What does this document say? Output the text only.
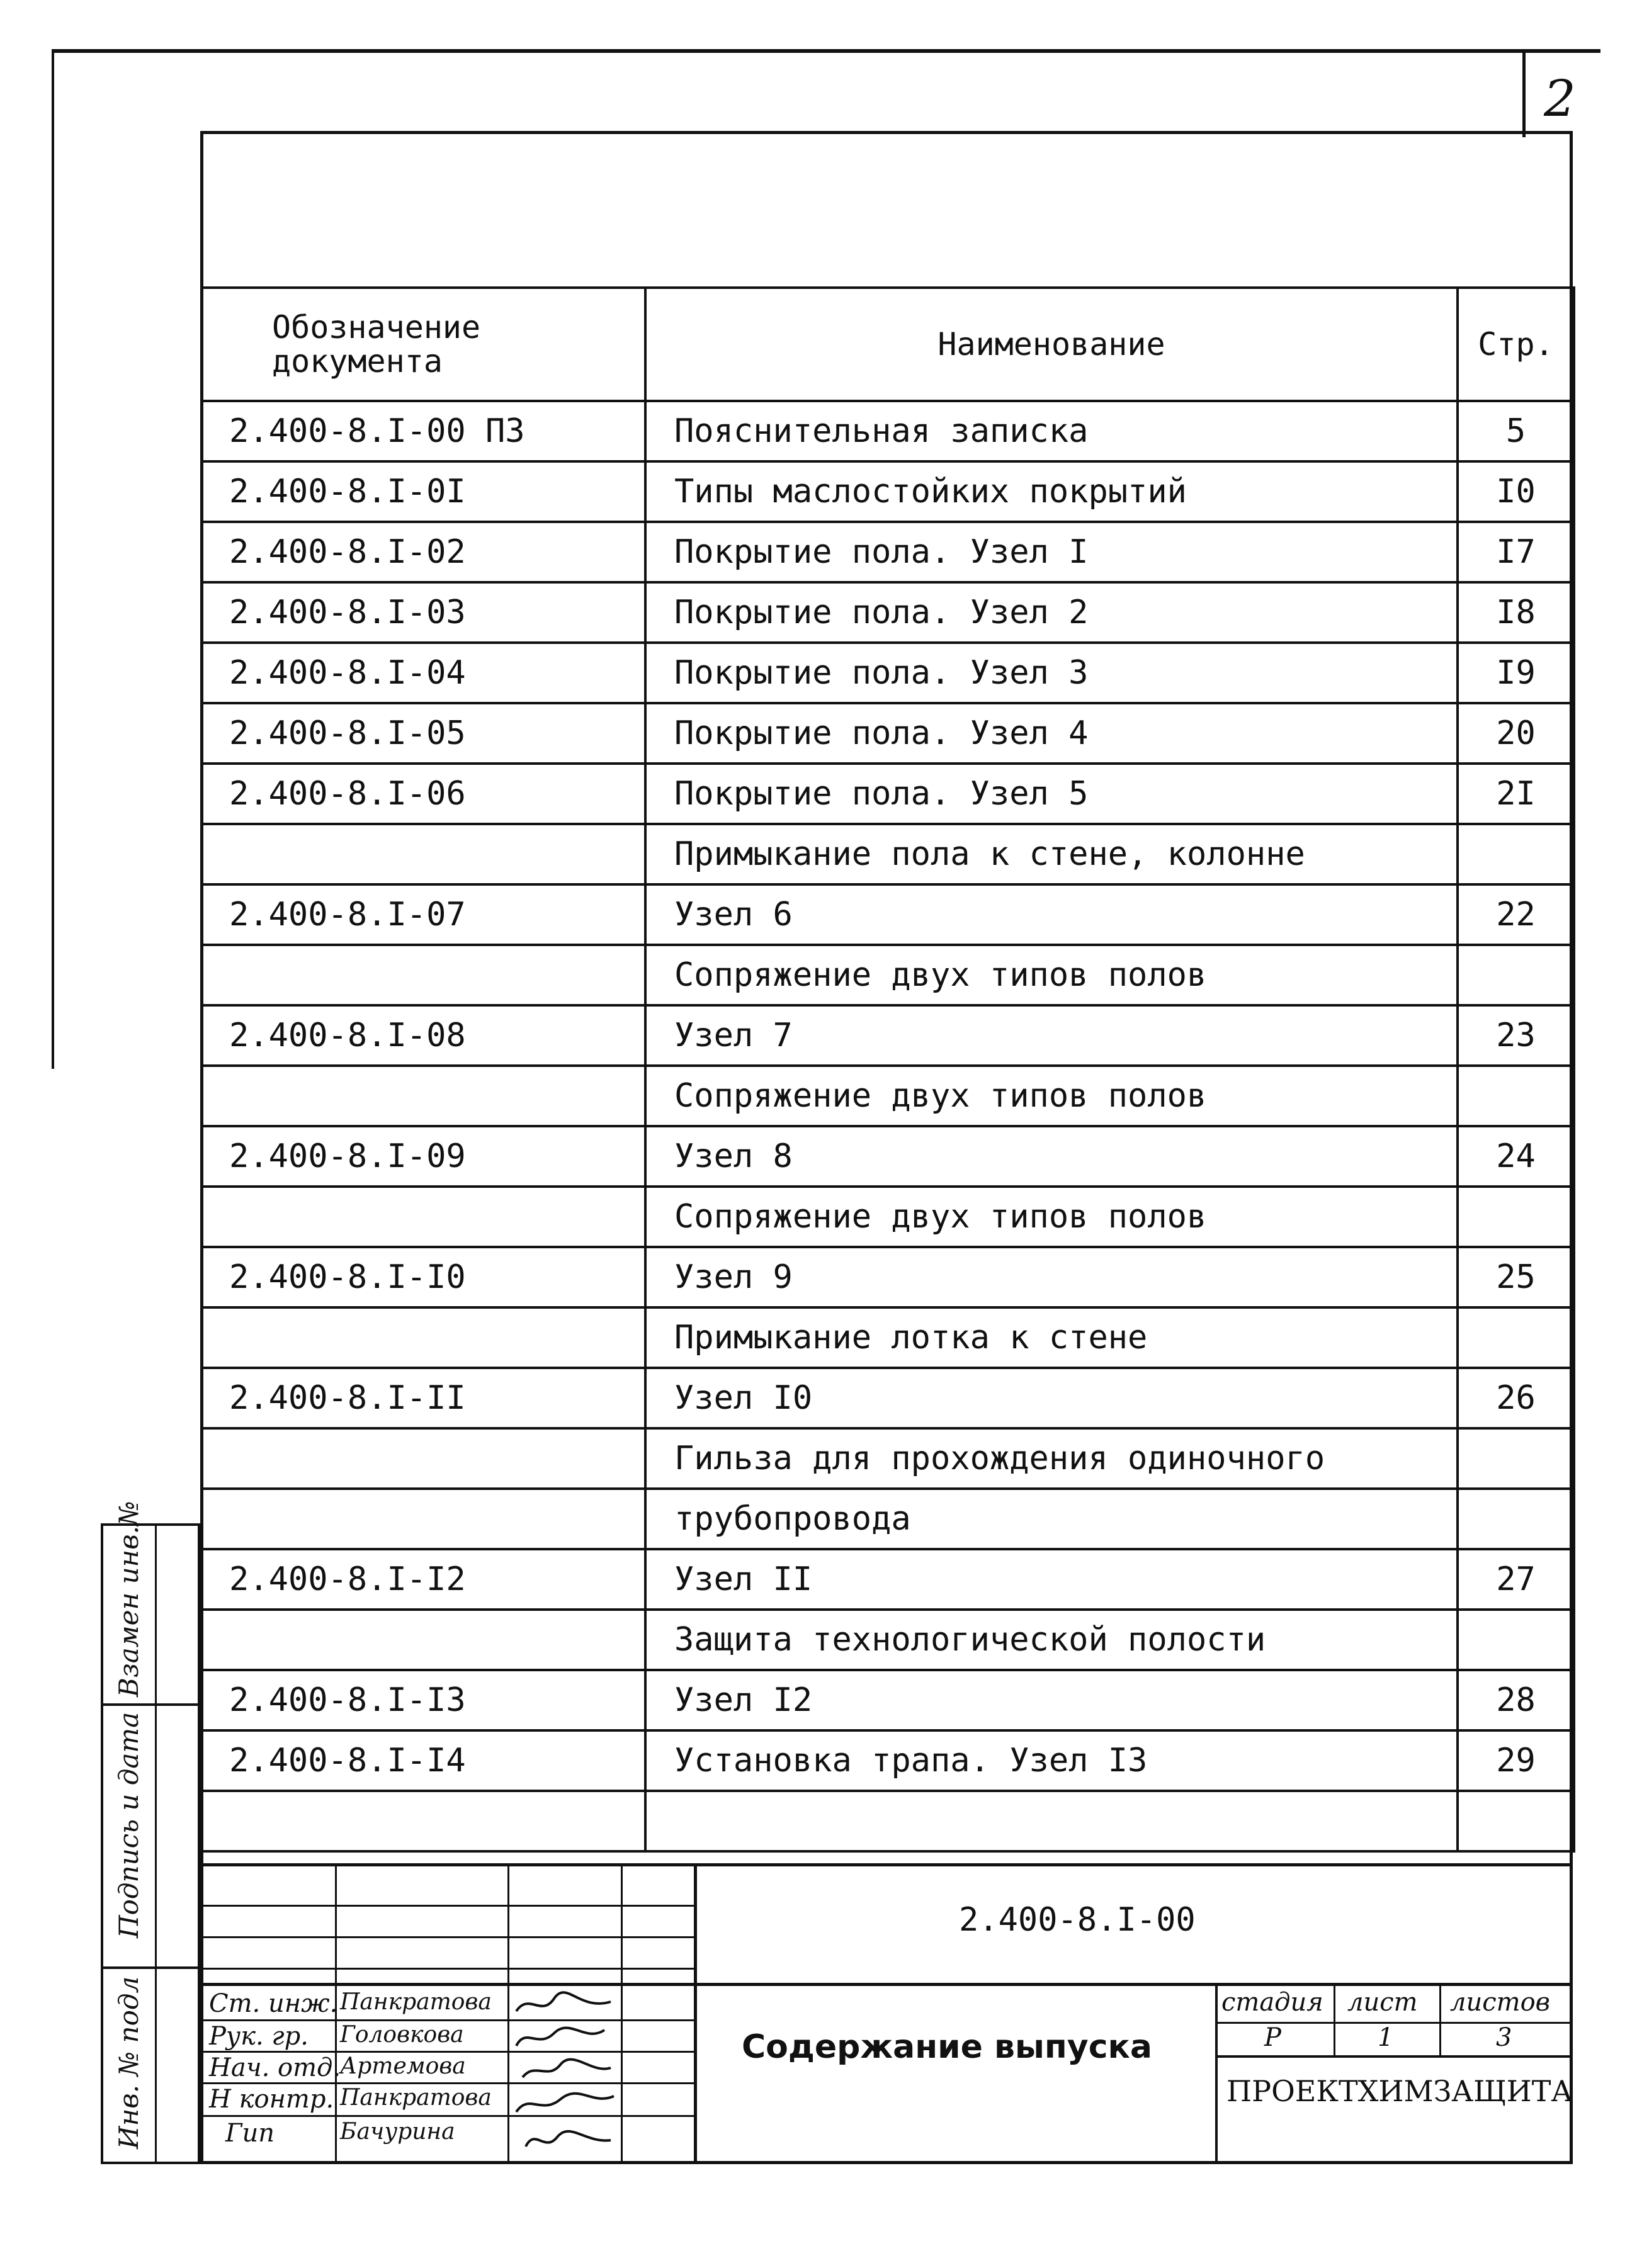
2
Обозначение документа	Наименование	Стр.
2.400-8.I-00 ПЗ	Пояснительная записка	5
2.400-8.I-0I	Типы маслостойких покрытий	I0
2.400-8.I-02	Покрытие пола. Узел I	I7
2.400-8.I-03	Покрытие пола. Узел 2	I8
2.400-8.I-04	Покрытие пола. Узел 3	I9
2.400-8.I-05	Покрытие пола. Узел 4	20
2.400-8.I-06	Покрытие пола. Узел 5	2I
	Примыкание пола к стене, колонне	
2.400-8.I-07	Узел 6	22
	Сопряжение двух типов полов	
2.400-8.I-08	Узел 7	23
	Сопряжение двух типов полов	
2.400-8.I-09	Узел 8	24
	Сопряжение двух типов полов	
2.400-8.I-I0	Узел 9	25
	Примыкание лотка к стене	
2.400-8.I-II	Узел I0	26
	Гильза для прохождения одиночного	
	трубопровода	
2.400-8.I-I2	Узел II	27
	Защита технологической полости	
2.400-8.I-I3	Узел I2	28
2.400-8.I-I4	Установка трапа. Узел I3	29

2.400-8.I-00
Содержание выпуска
стадия лист листов
Р	1	3
ПРОЕКТХИМЗАЩИТА
Ст. инж. Панкратова
Рук. гр. Головкова
Нач. отд.
Артемова
Н контр. Панкратова
Гип	Бачурина
Взамен инв.№
Подпись и дата
Инв. № подл
